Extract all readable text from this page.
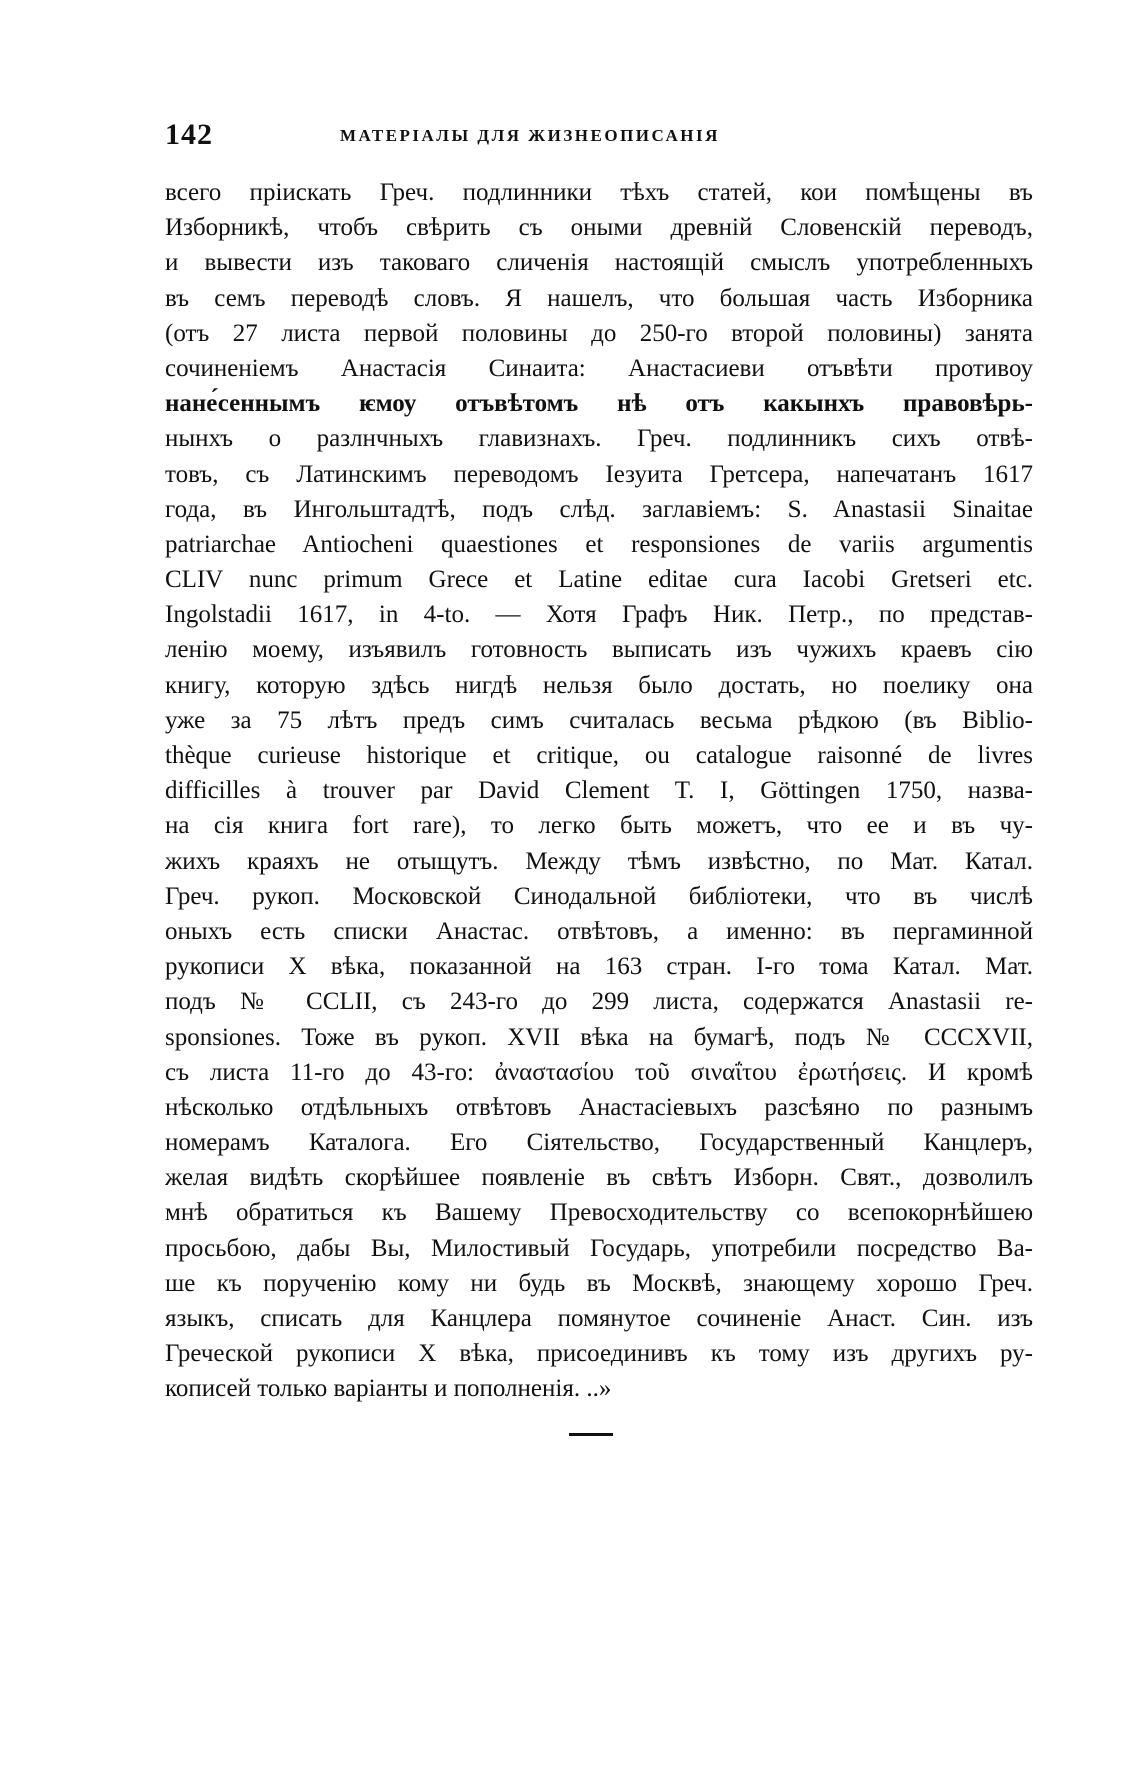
142	МАТЕРІАЛЫ ДЛЯ ЖИЗНЕОПИСАНІЯ
всего пріискать Греч. подлинники тѣхъ статей, кои помѣщены въ
Изборникѣ, чтобъ свѣрить съ оными древній Словенскій переводъ,
и вывести изъ таковаго сличенія настоящій смыслъ употребленныхъ
въ семъ переводѣ словъ. Я нашелъ, что большая часть Изборника
(отъ 27 листа первой половины до 250-го второй половины) занята
сочиненіемъ Анастасія Синаита: Анастасиеви отъвѣти противоу
нане́сеннымъ ѥмоу отъвѣтомъ нѣ отъ какынхъ правовѣрь-
нынхъ о разлнчныхъ главизнахъ. Греч. подлинникъ сихъ отвѣ-
товъ, съ Латинскимъ переводомъ Іезуита Гретсера, напечатанъ 1617
года, въ Ингольштадтѣ, подъ слѣд. заглавіемъ: S. Anastasii Sinaitae
patriarchae Antiocheni quaestiones et responsiones de variis argumentis
CLIV nunc primum Grece et Latine editae cura Iacobi Gretseri etc.
Ingolstadii 1617, in 4-to. — Хотя Графъ Ник. Петр., по представ-
ленію моему, изъявилъ готовность выписать изъ чужихъ краевъ сію
книгу, которую здѣсь нигдѣ нельзя было достать, но поелику она
уже за 75 лѣтъ предъ симъ считалась весьма рѣдкою (въ Biblio-
thèque curieuse historique et critique, ou catalogue raisonné de livres
difficilles à trouver par David Clement T. I, Göttingen 1750, назва-
на сія книга fort rare), то легко быть можетъ, что ее и въ чу-
жихъ краяхъ не отыщутъ. Между тѣмъ извѣстно, по Мат. Катал.
Греч. рукоп. Московской Синодальной библіотеки, что въ числѣ
оныхъ есть списки Анастас. отвѣтовъ, а именно: въ пергаминной
рукописи X вѣка, показанной на 163 стран. I-го тома Катал. Мат.
подъ № CCLII, съ 243-го до 299 листа, содержатся Anastasii re-
sponsiones. Тоже въ рукоп. XVII вѣка на бумагѣ, подъ № CCCXVII,
съ листа 11-го до 43-го: ἀναστασίου τοῦ σιναΐτου ἐρωτήσεις. И кромѣ
нѣсколько отдѣльныхъ отвѣтовъ Анастасіевыхъ разсѣяно по разнымъ
номерамъ Каталога. Его Сіятельство, Государственный Канцлеръ,
желая видѣть скорѣйшее появленіе въ свѣтъ Изборн. Свят., дозволилъ
мнѣ обратиться къ Вашему Превосходительству со всепокорнѣйшею
просьбою, дабы Вы, Милостивый Государь, употребили посредство Ва-
ше къ порученію кому ни будь въ Москвѣ, знающему хорошо Греч.
языкъ, списать для Канцлера помянутое сочиненіе Анаст. Син. изъ
Греческой рукописи X вѣка, присоединивъ къ тому изъ другихъ ру-
кописей только варіанты и пополненія. ..»
